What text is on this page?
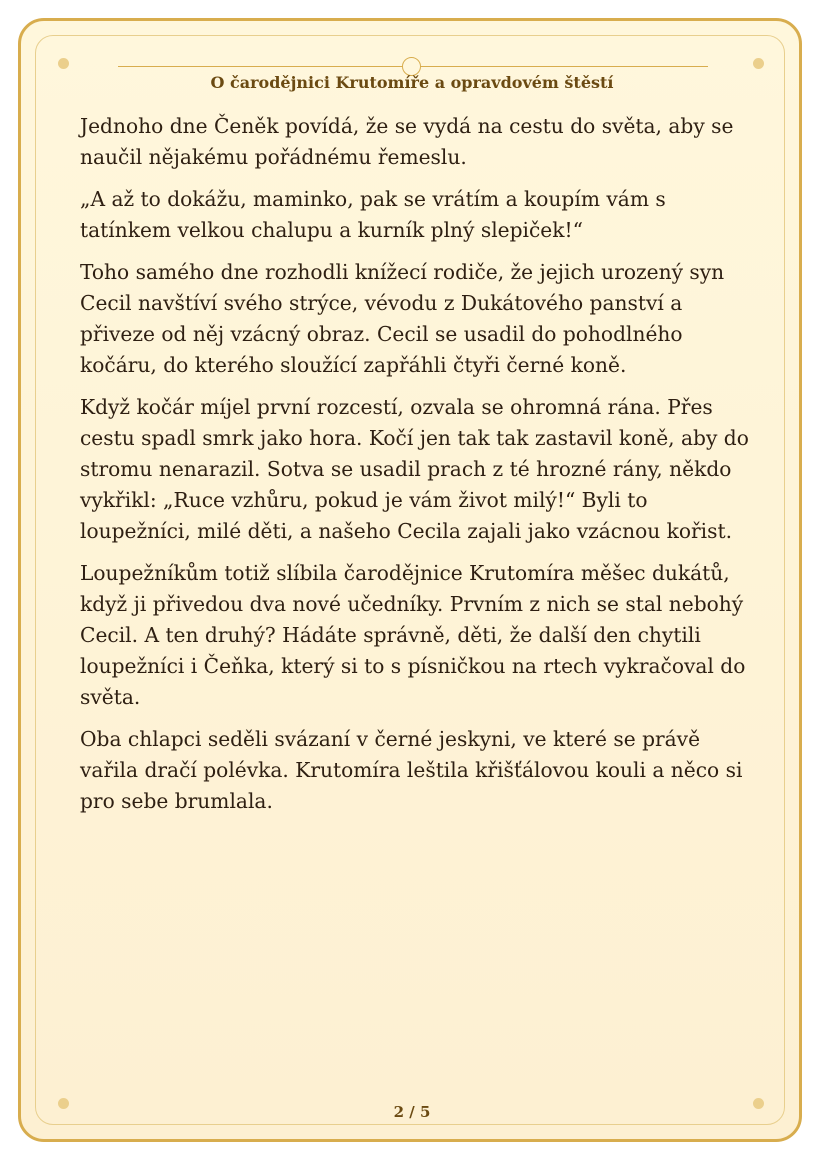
O čarodějnici Krutomíře a opravdovém štěstí

Jednoho dne Čeněk povídá, že se vydá na cestu do světa, aby se naučil nějakému pořádnému řemeslu.

„A až to dokážu, maminko, pak se vrátím a koupím vám s tatínkem velkou chalupu a kurník plný slepiček!“

Toho samého dne rozhodli knížecí rodiče, že jejich urozený syn Cecil navštíví svého strýce, vévodu z Dukátového panství a přiveze od něj vzácný obraz. Cecil se usadil do pohodlného kočáru, do kterého sloužící zapřáhli čtyři černé koně.

Když kočár míjel první rozcestí, ozvala se ohromná rána. Přes cestu spadl smrk jako hora. Kočí jen tak tak zastavil koně, aby do stromu nenarazil. Sotva se usadil prach z té hrozné rány, někdo vykřikl: „Ruce vzhůru, pokud je vám život milý!“ Byli to loupežníci, milé děti, a našeho Cecila zajali jako vzácnou kořist.

Loupežníkům totiž slíbila čarodějnice Krutomíra měšec dukátů, když ji přivedou dva nové učedníky. Prvním z nich se stal nebohý Cecil. A ten druhý? Hádáte správně, děti, že další den chytili loupežníci i Čeňka, který si to s písničkou na rtech vykračoval do světa.

Oba chlapci seděli svázaní v černé jeskyni, ve které se právě vařila dračí polévka. Krutomíra leštila křišťálovou kouli a něco si pro sebe brumlala.

2 / 5
